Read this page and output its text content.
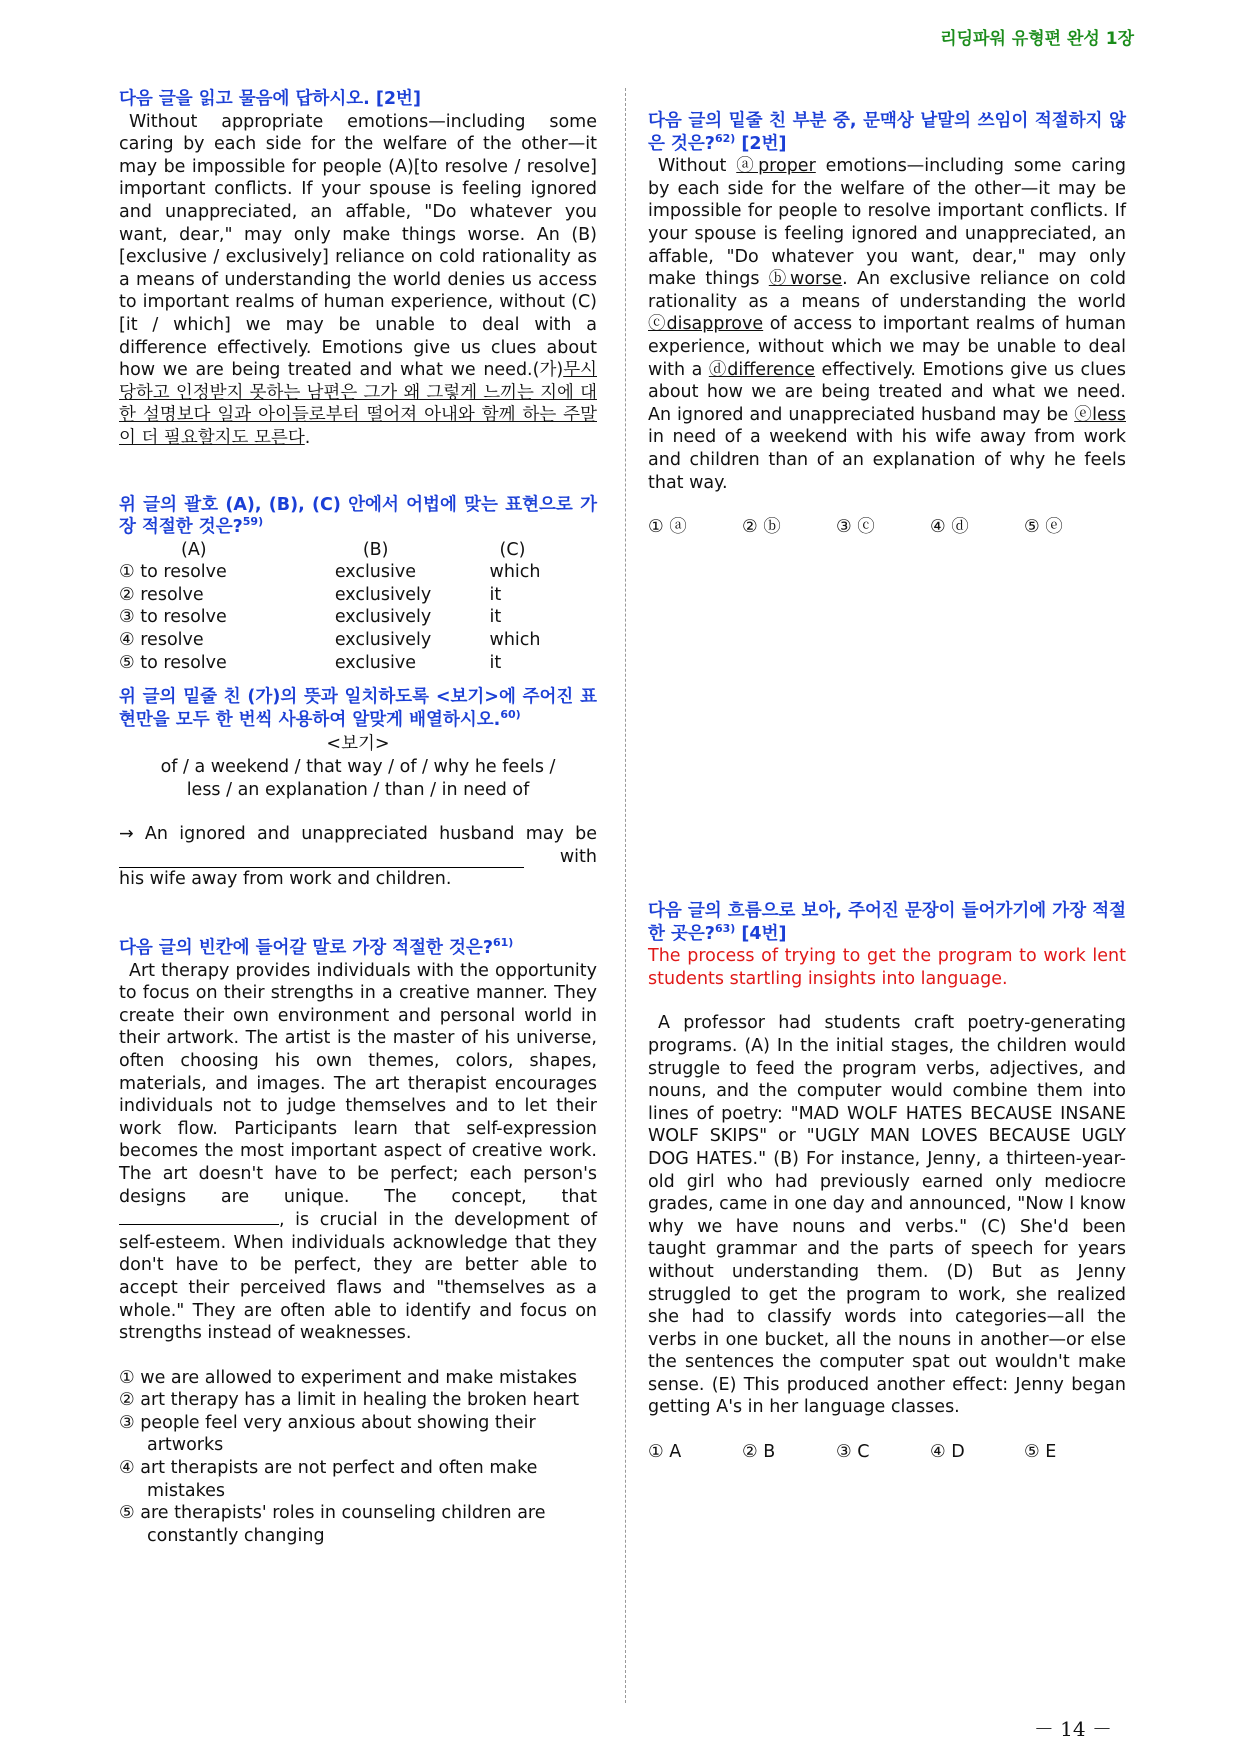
리딩파워 유형편 완성 1장

다음 글을 읽고 물음에 답하시오. [2번]

Without appropriate emotions—including some caring by each side for the welfare of the other—it may be impossible for people (A)[to resolve / resolve] important conflicts. If your spouse is feeling ignored and unappreciated, an affable, "Do whatever you want, dear," may only make things worse. An (B)[exclusive / exclusively] reliance on cold rationality as a means of understanding the world denies us access to important realms of human experience, without (C)[it / which] we may be unable to deal with a difference effectively. Emotions give us clues about how we are being treated and what we need.(가)무시당하고 인정받지 못하는 남편은 그가 왜 그렇게 느끼는 지에 대한 설명보다 일과 아이들로부터 떨어져 아내와 함께 하는 주말이 더 필요할지도 모른다.

위 글의 괄호 (A), (B), (C) 안에서 어법에 맞는 표현으로 가장 적절한 것은?$^{59)}$

(A)	(B)	(C)
① to resolve	exclusive	which
② resolve	exclusively	it
③ to resolve	exclusively	it
④ resolve	exclusively	which
⑤ to resolve	exclusive	it

위 글의 밑줄 친 (가)의 뜻과 일치하도록 <보기>에 주어진 표현만을 모두 한 번씩 사용하여 알맞게 배열하시오.$^{60)}$

<보기>

of / a weekend / that way / of / why he feels /

less / an explanation / than / in need of

→ An ignored and unappreciated husband may be

with

his wife away from work and children.

다음 글의 빈칸에 들어갈 말로 가장 적절한 것은?$^{61)}$

Art therapy provides individuals with the opportunity to focus on their strengths in a creative manner. They create their own environment and personal world in their artwork. The artist is the master of his universe, often choosing his own themes, colors, shapes, materials, and images. The art therapist encourages individuals not to judge themselves and to let their work flow. Participants learn that self-expression becomes the most important aspect of creative work. The art doesn't have to be perfect; each person's designs are unique. The concept, that , is crucial in the development of self-esteem. When individuals acknowledge that they don't have to be perfect, they are better able to accept their perceived flaws and "themselves as a whole." They are often able to identify and focus on strengths instead of weaknesses.

① we are allowed to experiment and make mistakes

② art therapy has a limit in healing the broken heart

③ people feel very anxious about showing their artworks

④ art therapists are not perfect and often make mistakes

⑤ are therapists' roles in counseling children are constantly changing

다음 글의 밑줄 친 부분 중, 문맥상 낱말의 쓰임이 적절하지 않은 것은?$^{62)}$ [2번]

Without ⓐproper emotions—including some caring by each side for the welfare of the other—it may be impossible for people to resolve important conflicts. If your spouse is feeling ignored and unappreciated, an affable, "Do whatever you want, dear," may only make things ⓑworse. An exclusive reliance on cold rationality as a means of understanding the world ⓒdisapprove of access to important realms of human experience, without which we may be unable to deal with a ⓓdifference effectively. Emotions give us clues about how we are being treated and what we need. An ignored and unappreciated husband may be ⓔless in need of a weekend with his wife away from work and children than of an explanation of why he feels that way.

① ⓐ	② ⓑ	③ ⓒ	④ ⓓ	⑤ ⓔ

다음 글의 흐름으로 보아, 주어진 문장이 들어가기에 가장 적절한 곳은?$^{63)}$ [4번]

The process of trying to get the program to work lent students startling insights into language.

A professor had students craft poetry-generating programs. (A) In the initial stages, the children would struggle to feed the program verbs, adjectives, and nouns, and the computer would combine them into lines of poetry: "MAD WOLF HATES BECAUSE INSANE WOLF SKIPS" or "UGLY MAN LOVES BECAUSE UGLY DOG HATES." (B) For instance, Jenny, a thirteen-year-old girl who had previously earned only mediocre grades, came in one day and announced, "Now I know why we have nouns and verbs." (C) She'd been taught grammar and the parts of speech for years without understanding them. (D) But as Jenny struggled to get the program to work, she realized she had to classify words into categories—all the verbs in one bucket, all the nouns in another—or else the sentences the computer spat out wouldn't make sense. (E) This produced another effect: Jenny began getting A's in her language classes.

① A	② B	③ C	④ D	⑤ E
－ 14 －
